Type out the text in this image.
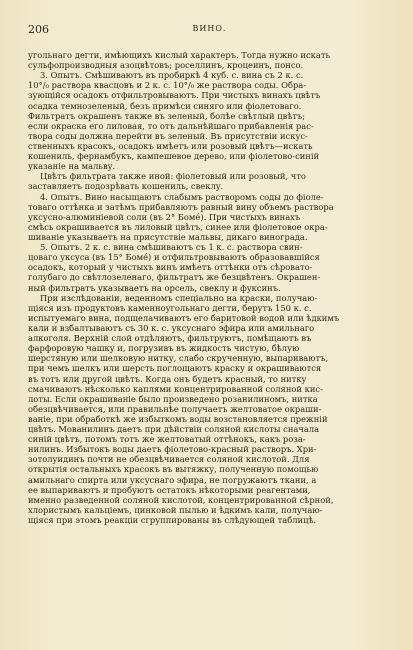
206	ВИНО.
угольнаго дегти, имѣющихъ кислый характеръ. Тогда нужно искать
сульфопроизводныя азоцвѣтовъ; роселлинъ, кроцеинъ, понсо.
3. Опытъ. Смѣшиваютъ въ пробиркѣ 4 куб. с. вина съ 2 к. с.
10°/₀ раствора квасцовъ и 2 к. с. 10°/₀ же раствора соды. Обра-
зующійся осадокъ отфильтровываютъ. При чистыхъ винахъ цвѣтъ
осадка темнозеленый, безъ примѣси синяго или фіолетоваго.
Фильтратъ окрашенъ также въ зеленый, болѣе свѣтлый цвѣтъ;
если окраска его лиловая, то отъ дальнѣйшаго прибавленія рас-
твора соды должна перейти въ зеленый. Въ присутствіи искус-
ственныхъ красокъ, осадокъ имѣетъ или розовый цвѣтъ—искать
кошениль, фернамбукъ, кампешевое дерево, или фіолетово-синій
указаніе на мальву.
Цвѣтъ фильтрата также иной: фіолетовый или розовый, что
заставляетъ подозрѣвать кошениль, свеклу.
4. Опытъ. Вино насыщаютъ слабымъ растворомъ соды до фіоле-
товаго оттѣнка и затѣмъ прибавляютъ равный вину объемъ раствора
уксусно-алюминіевой соли (въ 2° Бомé). При чистыхъ винахъ
смѣсь окрашивается въ лиловый цвѣтъ, синее или фіолетовое окра-
шиваніе указываетъ на присутствіе мальвы, дикаго винограда.
5. Опытъ. 2 к. с. вина смѣшиваютъ съ 1 к. с. раствора свин-
цоваго уксуса (въ 15° Бомé) и отфильтровываютъ образовавшійся
осадокъ, который у чистыхъ винъ имѣетъ оттѣнки отъ сѣровато-
голубаго до свѣтлозеленаго, фильтратъ же безцвѣтенъ. Окрашен-
ный фильтратъ указываетъ на орсель, свеклу и фуксинъ.
При изслѣдованіи, веденномъ спеціально на краски, получаю-
щіяся изъ продуктовъ каменноугольнаго дегти, берутъ 150 к. с.
испытуемаго вина, подщелачиваютъ его баритовой водой или ѣдкимъ
кали и взбалтываютъ съ 30 к. с. уксуснаго эфира или амильнаго
алкоголя. Верхній слой отдѣляютъ, фильтруютъ, помѣщаютъ въ
фарфоровую чашку и, погрузивъ въ жидкость чистую, бѣлую
шерстяную или шелковую нитку, слабо скрученную, выпариваютъ,
при чемъ шелкъ или шерсть поглощаютъ краску и окрашиваются
въ тотъ или другой цвѣтъ. Когда онъ будетъ красный, то нитку
смачиваютъ нѣсколько каплями концентрированной соляной кис-
лоты. Если окрашиваніе было произведено розанилиномъ, нитка
обезцвѣчивается, или правильнѣе получаетъ желтоватое окраши-
ваніе, при обработкѣ же избыткомъ воды возстановляется прежній
цвѣтъ. Мованилинъ даетъ при дѣйствіи соляной кислоты сначала
синій цвѣтъ, потомъ тотъ же желтоватый оттѣнокъ, какъ роза-
нилинъ. Избытокъ воды даетъ фіолетово-красный растворъ. Хри-
зотолуидинъ почти не обезцвѣчивается соляной кислотой. Для
открытія остальныхъ красокъ въ вытяжку, полученную помощью
амильнаго спирта или уксуснаго эфира, не погружаютъ ткани, а
ее выпариваютъ и пробуютъ остатокъ нѣкоторыми реагентами,
именно разведенной соляной кислотой, концентрированной сѣрной,
хлористымъ кальціемъ, цинковой пылью и ѣдкимъ кали, получаю-
щіяся при этомъ реакціи сгруппированы въ слѣдующей таблицѣ.
